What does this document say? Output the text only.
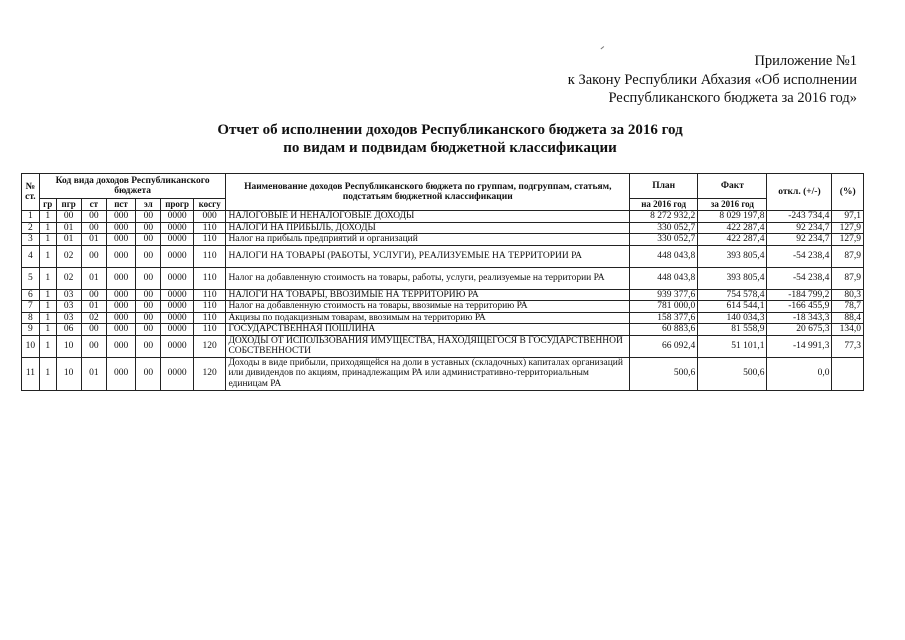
Приложение №1
к Закону Республики Абхазия «Об исполнении
Республиканского бюджета за 2016 год»
Отчет об исполнении доходов Республиканского бюджета за 2016 год
по видам и подвидам бюджетной классификации
№ ст.	Код вида доходов Республиканского бюджета							Наименование доходов Республиканского бюджета по группам, подгруппам, статьям, подстатьям бюджетной классификации	План	Факт	откл. (+/-)	(%)
	гр	пгр	ст	пст	эл	прогр	косгу		на 2016 год	за 2016 год		
1	1	00	00	000	00	0000	000	НАЛОГОВЫЕ И НЕНАЛОГОВЫЕ ДОХОДЫ	8 272 932,2	8 029 197,8	-243 734,4	97,1
2	1	01	00	000	00	0000	110	НАЛОГИ НА ПРИБЫЛЬ, ДОХОДЫ	330 052,7	422 287,4	92 234,7	127,9
3	1	01	01	000	00	0000	110	Налог на прибыль предприятий и организаций	330 052,7	422 287,4	92 234,7	127,9
4	1	02	00	000	00	0000	110	НАЛОГИ НА ТОВАРЫ (РАБОТЫ, УСЛУГИ), РЕАЛИЗУЕМЫЕ НА ТЕРРИТОРИИ РА	448 043,8	393 805,4	-54 238,4	87,9
5	1	02	01	000	00	0000	110	Налог на добавленную стоимость на товары, работы, услуги, реализуемые на территории РА	448 043,8	393 805,4	-54 238,4	87,9
6	1	03	00	000	00	0000	110	НАЛОГИ НА ТОВАРЫ, ВВОЗИМЫЕ НА ТЕРРИТОРИЮ РА	939 377,6	754 578,4	-184 799,2	80,3
7	1	03	01	000	00	0000	110	Налог на добавленную стоимость на товары, ввозимые на территорию РА	781 000,0	614 544,1	-166 455,9	78,7
8	1	03	02	000	00	0000	110	Акцизы по подакцизным товарам, ввозимым на территорию РА	158 377,6	140 034,3	-18 343,3	88,4
9	1	06	00	000	00	0000	110	ГОСУДАРСТВЕННАЯ ПОШЛИНА	60 883,6	81 558,9	20 675,3	134,0
10	1	10	00	000	00	0000	120	ДОХОДЫ ОТ ИСПОЛЬЗОВАНИЯ ИМУЩЕСТВА, НАХОДЯЩЕГОСЯ В ГОСУДАРСТВЕННОЙ СОБСТВЕННОСТИ	66 092,4	51 101,1	-14 991,3	77,3
11	1	10	01	000	00	0000	120	Доходы в виде прибыли, приходящейся на доли в уставных (складочных) капиталах организаций или дивидендов по акциям, принадлежащим РА или административно-территориальным единицам РА	500,6	500,6	0,0	
